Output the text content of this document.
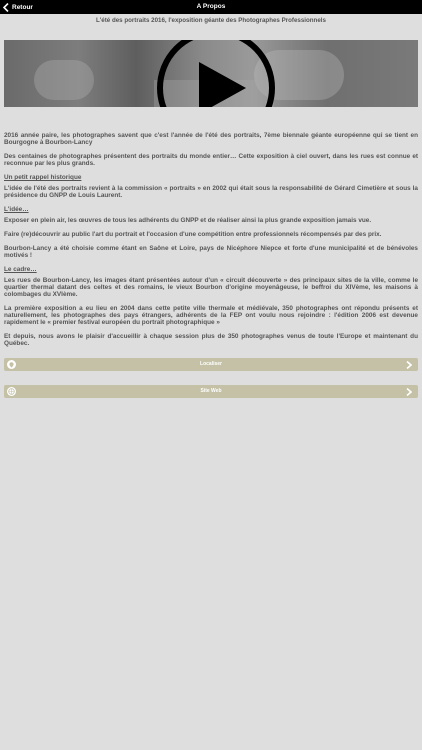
Retour	A Propos
L'été des portraits 2016, l'exposition géante des Photographes Professionnels

2016 année paire, les photographes savent que c'est l'année de l'été des portraits, 7ème biennale géante européenne qui se tient en Bourgogne à Bourbon-Lancy

Des centaines de photographes présentent des portraits du monde entier… Cette exposition à ciel ouvert, dans les rues est connue et reconnue par les plus grands.

Un petit rappel historique

L'idée de l'été des portraits revient à la commission « portraits » en 2002 qui était sous la responsabilité de Gérard Cimetière et sous la présidence du GNPP de Louis Laurent.

L'idée…

Exposer en plein air, les œuvres de tous les adhérents du GNPP et de réaliser ainsi la plus grande exposition jamais vue.

Faire (re)découvrir au public l'art du portrait et l'occasion d'une compétition entre professionnels récompensés par des prix.

Bourbon-Lancy a été choisie comme étant en Saône et Loire, pays de Nicéphore Niepce et forte d'une municipalité et de bénévoles motivés !

Le cadre…

Les rues de Bourbon-Lancy, les images étant présentées autour d'un « circuit découverte » des principaux sites de la ville, comme le quartier thermal datant des celtes et des romains, le vieux Bourbon d'origine moyenâgeuse, le beffroi du XIVème, les maisons à colombages du XVIème.

La première exposition a eu lieu en 2004 dans cette petite ville thermale et médiévale, 350 photographes ont répondu présents et naturellement, les photographes des pays étrangers, adhérents de la FEP ont voulu nous rejoindre : l'édition 2006 est devenue rapidement le « premier festival européen du portrait photographique »

Et depuis, nous avons le plaisir d'accueillir à chaque session plus de 350 photographes venus de toute l'Europe et maintenant du Québec.

Localiser
Site Web
